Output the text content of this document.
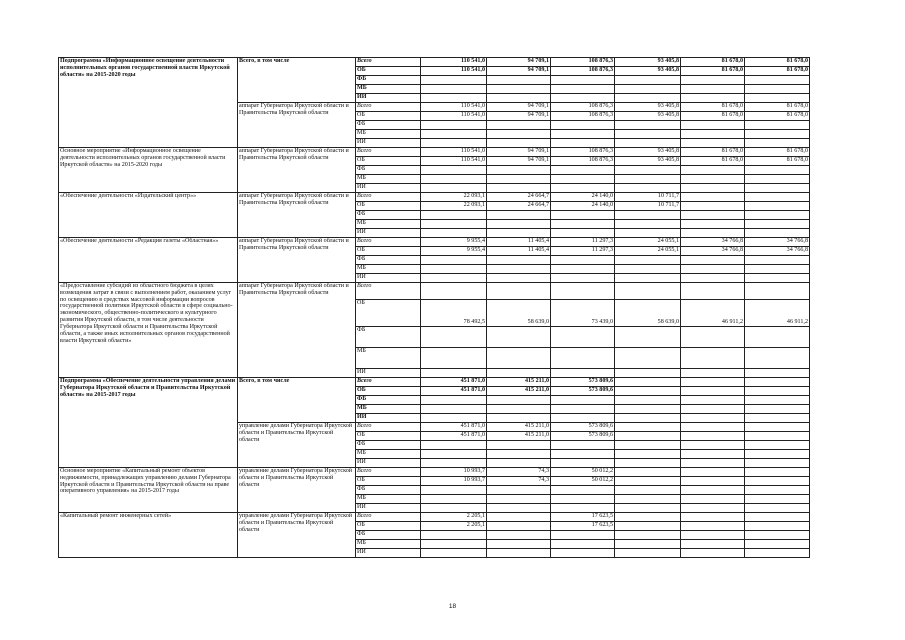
Подпрограмма «Информационное освещение деятельности исполнительных органов государственной власти Иркутской области» на 2015-2020 годы	Всего, в том числе	Всего	110 541,0	94 709,1	108 876,3	93 405,8	81 678,0	81 678,0
		ОБ	110 541,0	94 709,1	108 876,3	93 405,8	81 678,0	81 678,0
		ФБ						
		МБ						
		ИИ						
	аппарат Губернатора Иркутской области и Правительства Иркутской области	Всего	110 541,0	94 709,1	108 876,3	93 405,8	81 678,0	81 678,0
		ОБ	110 541,0	94 709,1	108 876,3	93 405,8	81 678,0	81 678,0
		ФБ						
		МБ						
		ИИ						
Основное мероприятие «Информационное освещение деятельности исполнительных органов государственной власти Иркутской области» на 2015-2020 годы	аппарат Губернатора Иркутской области и Правительства Иркутской области	Всего	110 541,0	94 709,1	108 876,3	93 405,8	81 678,0	81 678,0
		ОБ	110 541,0	94 709,1	108 876,3	93 405,8	81 678,0	81 678,0
		ФБ						
		МБ						
		ИИ						
«Обеспечение деятельности «Издательский центр»»	аппарат Губернатора Иркутской области и Правительства Иркутской области	Всего	22 093,1	24 664,7	24 140,0	10 711,7		
		ОБ	22 093,1	24 664,7	24 140,0	10 711,7		
		ФБ						
		МБ						
		ИИ						
«Обеспечение деятельности «Редакция газеты «Областная»»	аппарат Губернатора Иркутской области и Правительства Иркутской области	Всего	9 955,4	11 405,4	11 297,3	24 055,1	34 766,8	34 766,8
		ОБ	9 955,4	11 405,4	11 297,3	24 055,1	34 766,8	34 766,8
		ФБ						
		МБ						
		ИИ						
«Предоставление субсидий из областного бюджета в целях возмещения затрат в связи с выполнением работ, оказанием услуг по освещению в средствах массовой информации вопросов государственной политики Иркутской области в сфере социально-экономического, общественно-политического и культурного развития Иркутской области, в том числе деятельности Губернатора Иркутской области и Правительства Иркутской области, а также иных исполнительных органов государственной власти Иркутской области»	аппарат Губернатора Иркутской области и Правительства Иркутской области	Всего						
		ОБ	78 492,5	58 639,0	73 439,0	58 639,0	46 911,2	46 911,2
		ФБ						
		МБ						
		ИИ						
Подпрограмма «Обеспечение деятельности управления делами Губернатора Иркутской области и Правительства Иркутской области» на 2015-2017 годы	Всего, в том числе	Всего	451 871,0	415 211,0	573 809,6			
		ОБ	451 871,0	415 211,0	573 809,6			
		ФБ						
		МБ						
		ИИ						
	управление делами Губернатора Иркутской области и Правительства Иркутской области	Всего	451 871,0	415 211,0	573 809,6			
		ОБ	451 871,0	415 211,0	573 809,6			
		ФБ						
		МБ						
		ИИ						
Основное мероприятие «Капитальный ремонт объектов недвижимости, принадлежащих управлению делами Губернатора Иркутской области и Правительства Иркутской области на праве оперативного управления» на 2015-2017 годы	управление делами Губернатора Иркутской области и Правительства Иркутской области	Всего	10 993,7	74,3	50 012,2			
		ОБ	10 993,7	74,3	50 012,2			
		ФБ						
		МБ						
		ИИ						
«Капитальный ремонт инженерных сетей»	управление делами Губернатора Иркутской области и Правительства Иркутской области	Всего	2 205,1		17 623,5			
		ОБ	2 205,1		17 623,5			
		ФБ						
		МБ						
		ИИ						
18
